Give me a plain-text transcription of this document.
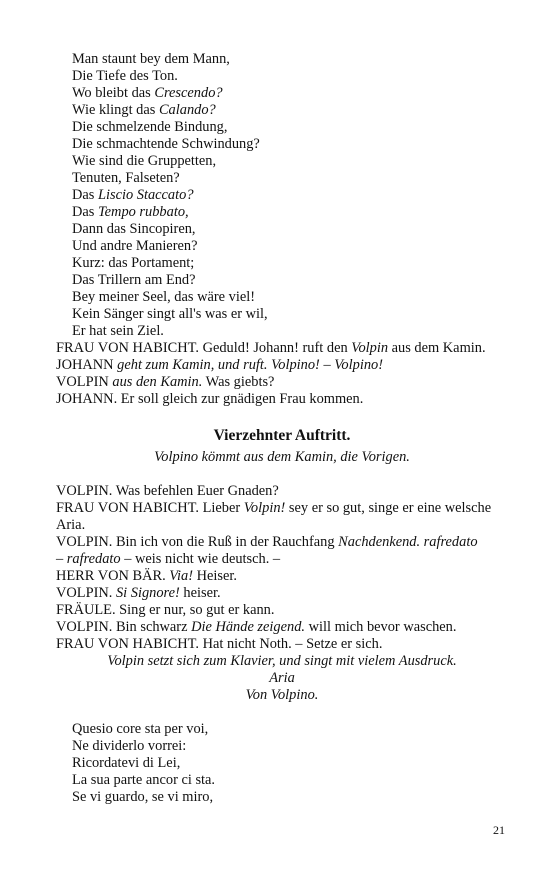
Man staunt bey dem Mann,
Die Tiefe des Ton.
Wo bleibt das Crescendo?
Wie klingt das Calando?
Die schmelzende Bindung,
Die schmachtende Schwindung?
Wie sind die Gruppetten,
Tenuten, Falseten?
Das Liscio Staccato?
Das Tempo rubbato,
Dann das Sincopiren,
Und andre Manieren?
Kurz: das Portament;
Das Trillern am End?
Bey meiner Seel, das wäre viel!
Kein Sänger singt all's was er wil,
Er hat sein Ziel.
FRAU VON HABICHT. Geduld! Johann! ruft den Volpin aus dem Kamin.
JOHANN geht zum Kamin, und ruft. Volpino! – Volpino!
VOLPIN aus den Kamin. Was giebts?
JOHANN. Er soll gleich zur gnädigen Frau kommen.
Vierzehnter Auftritt.
Volpino kömmt aus dem Kamin, die Vorigen.
VOLPIN. Was befehlen Euer Gnaden?
FRAU VON HABICHT. Lieber Volpin! sey er so gut, singe er eine welsche
Aria.
VOLPIN. Bin ich von die Ruß in der Rauchfang Nachdenkend. rafredato
– rafredato – weis nicht wie deutsch. –
HERR VON BÄR. Via! Heiser.
VOLPIN. Si Signore! heiser.
FRÄULE. Sing er nur, so gut er kann.
VOLPIN. Bin schwarz Die Hände zeigend. will mich bevor waschen.
FRAU VON HABICHT. Hat nicht Noth. – Setze er sich.
Volpin setzt sich zum Klavier, und singt mit vielem Ausdruck.
Aria
Von Volpino.
Quesio core sta per voi,
Ne dividerlo vorrei:
Ricordatevi di Lei,
La sua parte ancor ci sta.
Se vi guardo, se vi miro,
21
